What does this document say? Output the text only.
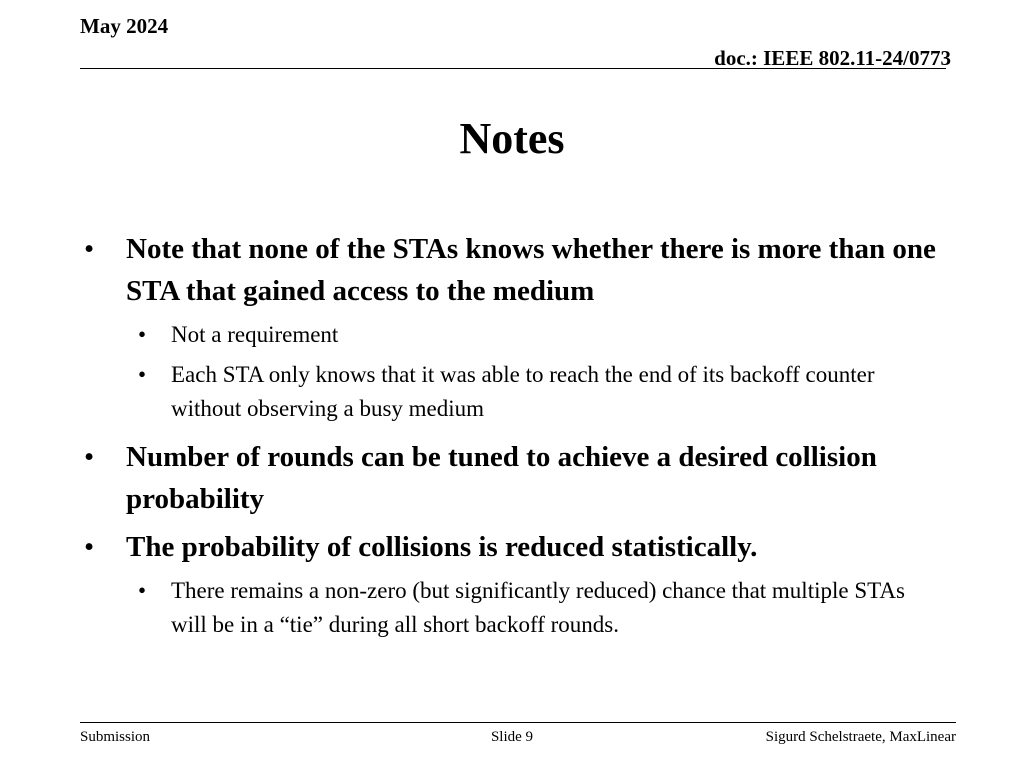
May 2024
doc.: IEEE 802.11-24/0773
Notes
• Note that none of the STAs knows whether there is more than one STA that gained access to the medium
• Not a requirement
• Each STA only knows that it was able to reach the end of its backoff counter without observing a busy medium
• Number of rounds can be tuned to achieve a desired collision probability
• The probability of collisions is reduced statistically.
• There remains a non-zero (but significantly reduced) chance that multiple STAs will be in a “tie” during all short backoff rounds.
Submission	Slide 9	Sigurd Schelstraete, MaxLinear
